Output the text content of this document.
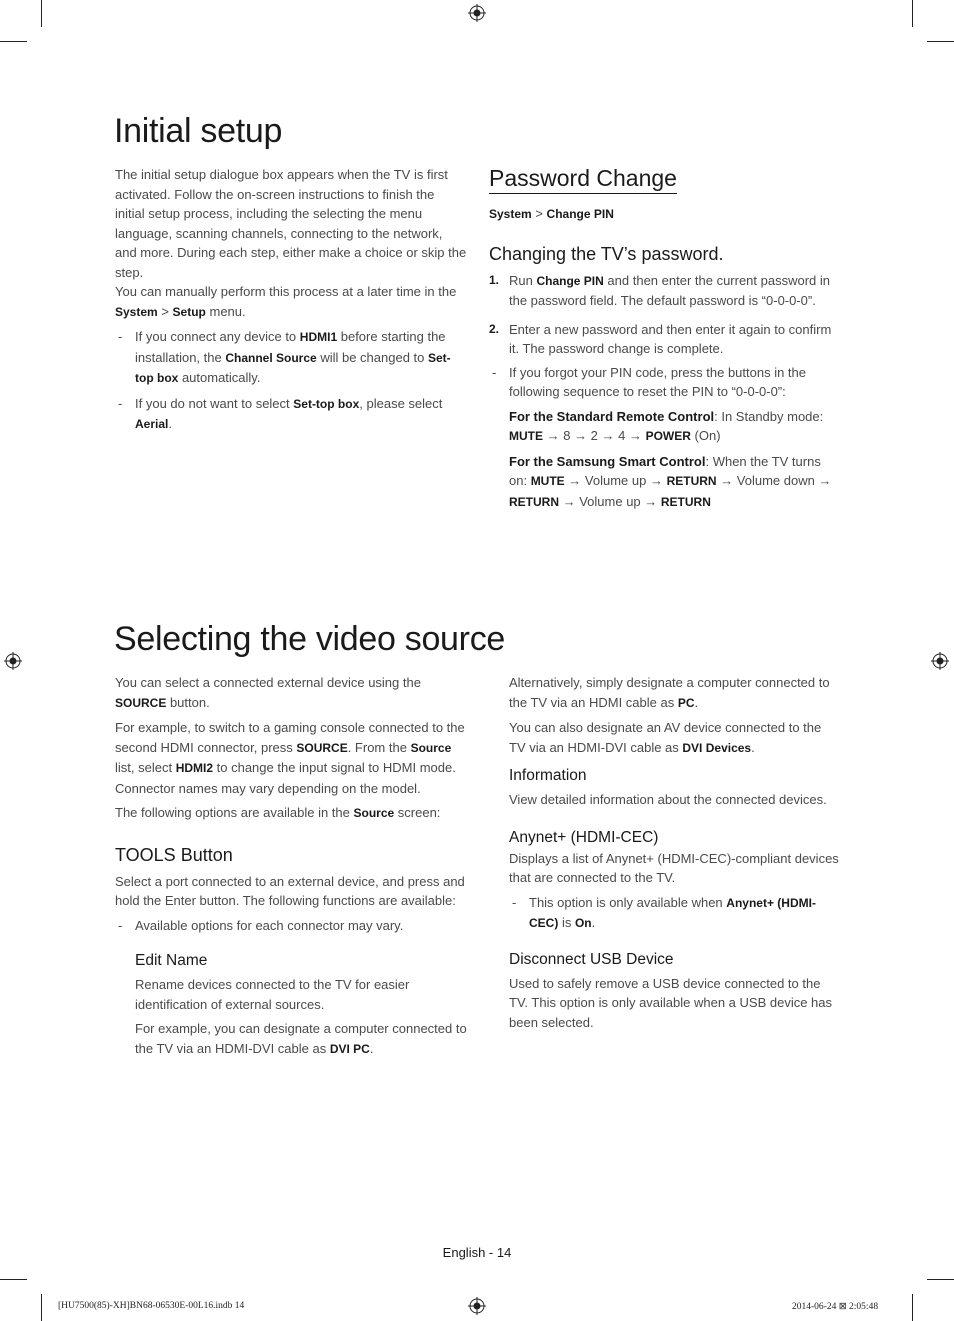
Initial setup

The initial setup dialogue box appears when the TV is first activated. Follow the on-screen instructions to finish the initial setup process, including the selecting the menu language, scanning channels, connecting to the network, and more. During each step, either make a choice or skip the step.

You can manually perform this process at a later time in the System > Setup menu.

- If you connect any device to HDMI1 before starting the installation, the Channel Source will be changed to Set-top box automatically.
- If you do not want to select Set-top box, please select Aerial.
Password Change

System > Change PIN

Changing the TV’s password.
1. Run Change PIN and then enter the current password in the password field. The default password is “0-0-0-0”.
2. Enter a new password and then enter it again to confirm it. The password change is complete.
- If you forgot your PIN code, press the buttons in the following sequence to reset the PIN to “0-0-0-0”:
For the Standard Remote Control: In Standby mode: MUTE → 8 → 2 → 4 → POWER (On)
For the Samsung Smart Control: When the TV turns on: MUTE → Volume up → RETURN → Volume down → RETURN → Volume up → RETURN
Selecting the video source

You can select a connected external device using the SOURCE button.

For example, to switch to a gaming console connected to the second HDMI connector, press SOURCE. From the Source list, select HDMI2 to change the input signal to HDMI mode. Connector names may vary depending on the model.

The following options are available in the Source screen:

TOOLS Button

Select a port connected to an external device, and press and hold the Enter button. The following functions are available:

- Available options for each connector may vary.
Edit Name

Rename devices connected to the TV for easier identification of external sources.

For example, you can designate a computer connected to the TV via an HDMI-DVI cable as DVI PC.

Alternatively, simply designate a computer connected to the TV via an HDMI cable as PC.

You can also designate an AV device connected to the TV via an HDMI-DVI cable as DVI Devices.

Information

View detailed information about the connected devices.

Anynet+ (HDMI-CEC)

Displays a list of Anynet+ (HDMI-CEC)-compliant devices that are connected to the TV.

- This option is only available when Anynet+ (HDMI-CEC) is On.
Disconnect USB Device

Used to safely remove a USB device connected to the TV. This option is only available when a USB device has been selected.

English - 14
[HU7500(85)-XH]BN68-06530E-00L16.indb 14	2014-06-24 ⊠ 2:05:48
